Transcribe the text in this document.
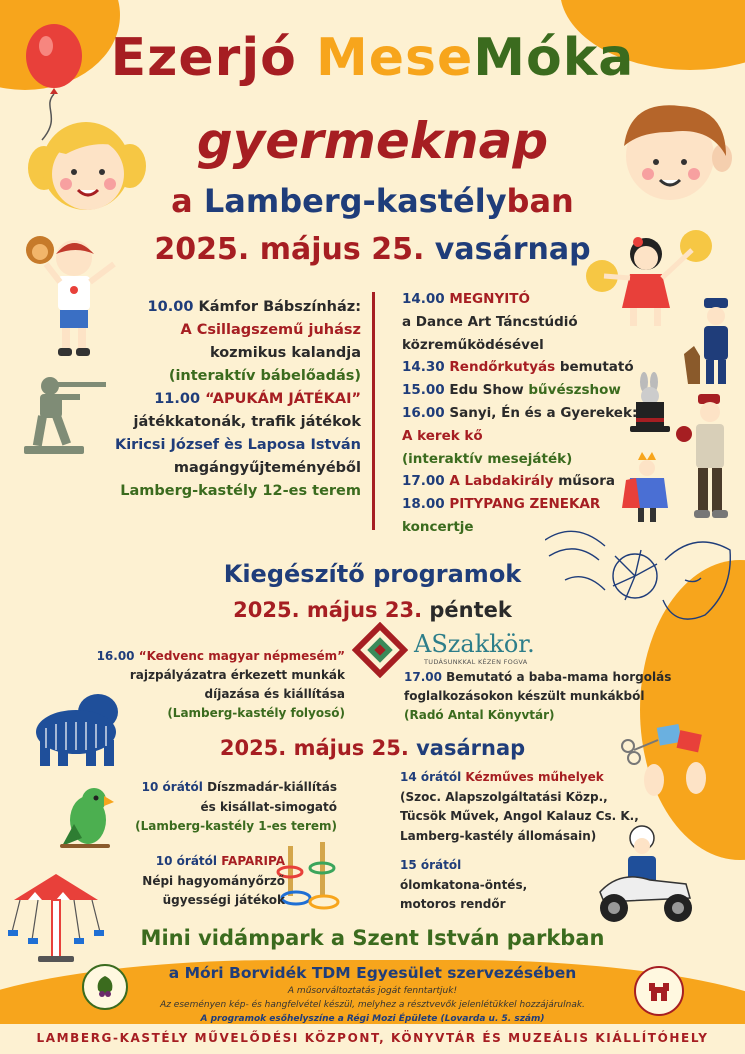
ASzakkör.
TUDÁSUNKKAL KÉZEN FOGVA
Ezerjó MeseMóka
gyermeknap
a Lamberg-kastélyban
2025. május 25. vasárnap
10.00 Kámfor Bábszínház:
A Csillagszemű juhász
kozmikus kalandja
(interaktív bábelőadás)
11.00 “APUKÁM JÁTÉKAI”
játékkatonák, trafik játékok
Kiricsi József ès Laposa István
magángyűjteményéből
Lamberg-kastély 12-es terem
14.00 MEGNYITÓ
a Dance Art Táncstúdió
közreműködésével
14.30 Rendőrkutyás bemutató
15.00 Edu Show bűvészshow
16.00 Sanyi, Én és a Gyerekek:
A kerek kő
(interaktív mesejáték)
17.00 A Labdakirály műsora
18.00 PITYPANG ZENEKAR
koncertje
Kiegészítő programok
2025. május 23. péntek
16.00 “Kedvenc magyar népmesém”
rajzpályázatra érkezett munkák
díjazása és kiállítása
(Lamberg-kastély folyosó)
17.00 Bemutató a baba-mama horgolás
foglalkozásokon készült munkákból
(Radó Antal Könyvtár)
2025. május 25. vasárnap
10 órától Díszmadár-kiállítás
és kisállat-simogató
(Lamberg-kastély 1-es terem)
10 órától FAPARIPA
Népi hagyományőrző
ügyességi játékok
14 órától Kézműves műhelyek
(Szoc. Alapszolgáltatási Közp.,
Tücsök Művek, Angol Kalauz Cs. K.,
Lamberg-kastély állomásain)
15 órától
ólomkatona-öntés,
motoros rendőr
Mini vidámpark a Szent István parkban
a Móri Borvidék TDM Egyesület szervezésében
A műsorváltoztatás jogát fenntartjuk!
Az eseményen kép- és hangfelvétel készül, melyhez a résztvevők jelenlétükkel hozzájárulnak.
A programok esőhelyszíne a Régi Mozi Épülete (Lovarda u. 5. szám)
LAMBERG-KASTÉLY MŰVELŐDÉSI KÖZPONT, KÖNYVTÁR ÉS MUZEÁLIS KIÁLLÍTÓHELY
